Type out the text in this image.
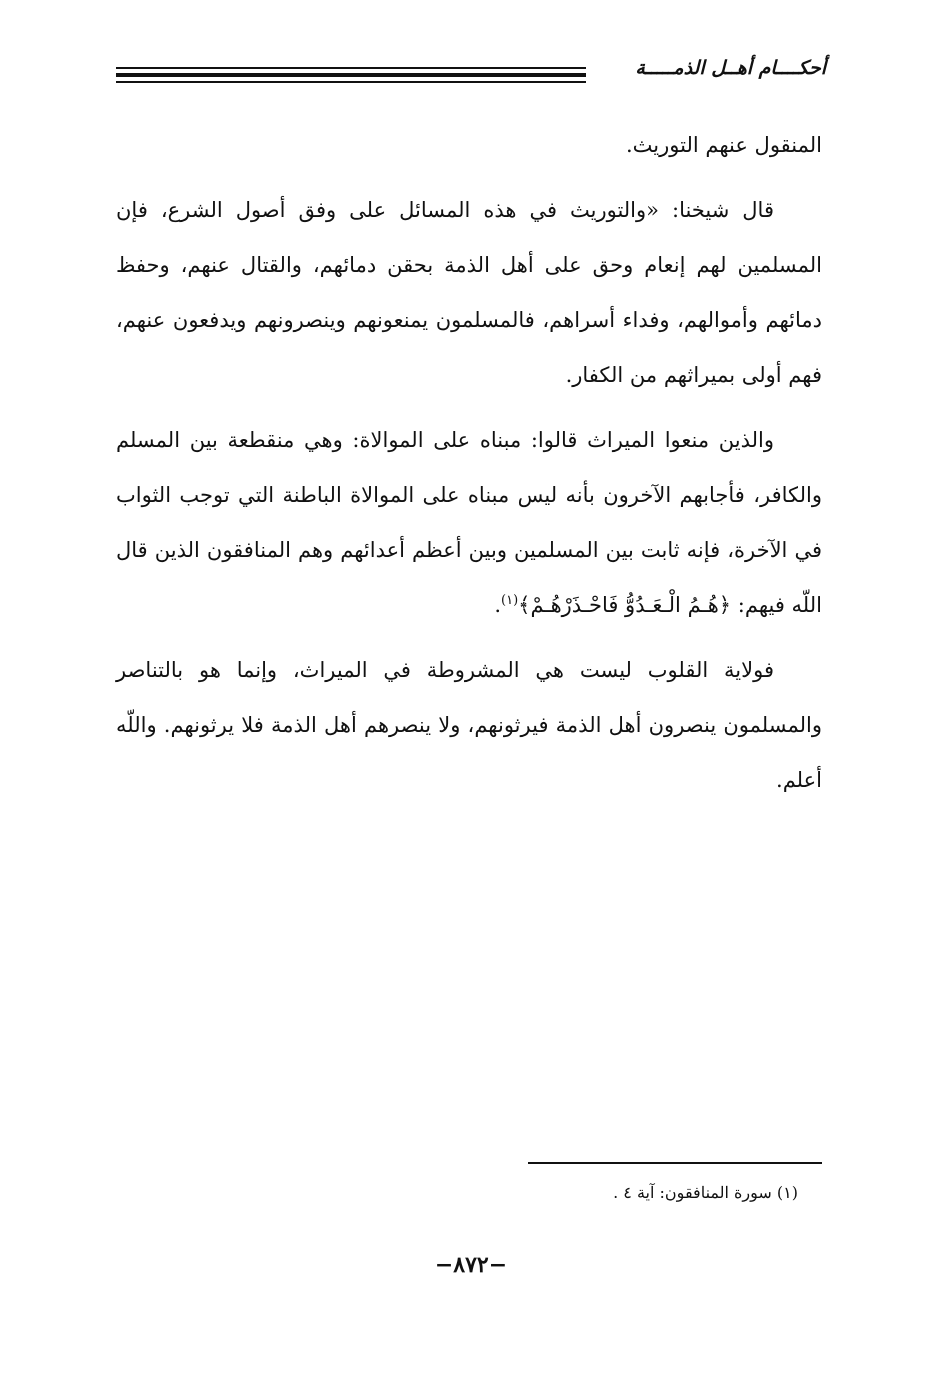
أحكــــام أهــل الذمـــــة

المنقول عنهم التوريث.

قال شيخنا: «والتوريث في هذه المسائل على وفق أصول الشرع، فإن المسلمين لهم إنعام وحق على أهل الذمة بحقن دمائهم، والقتال عنهم، وحفظ دمائهم وأموالهم، وفداء أسراهم، فالمسلمون يمنعونهم وينصرونهم ويدفعون عنهم، فهم أولى بميراثهم من الكفار.

والذين منعوا الميراث قالوا: مبناه على الموالاة: وهي منقطعة بين المسلم والكافر، فأجابهم الآخرون بأنه ليس مبناه على الموالاة الباطنة التي توجب الثواب في الآخرة، فإنه ثابت بين المسلمين وبين أعظم أعدائهم وهم المنافقون الذين قال اللّه فيهم: ﴿هُـمُ الْـعَـدُوُّ فَاحْـذَرْهُـمْ﴾$^{(١)}$.

فولاية القلوب ليست هي المشروطة في الميراث، وإنما هو بالتناصر والمسلمون ينصرون أهل الذمة فيرثونهم، ولا ينصرهم أهل الذمة فلا يرثونهم. واللّه أعلم.

(١) سورة المنافقون: آية ٤ .
−٨٧٢−
